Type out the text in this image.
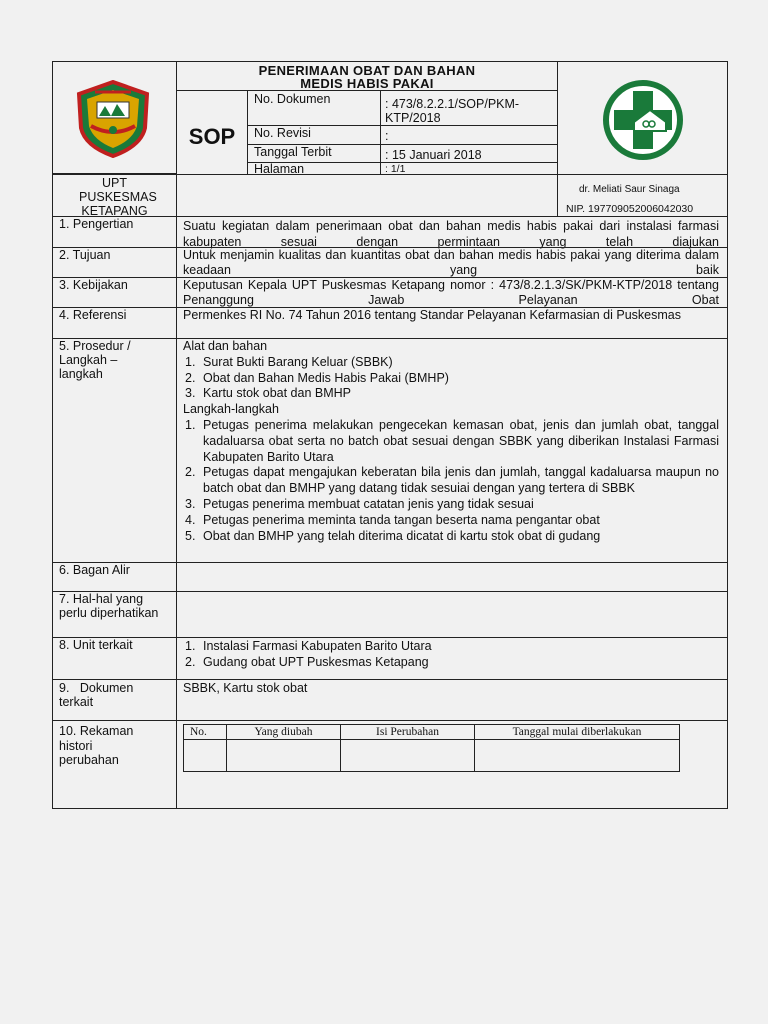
PENERIMAAN OBAT DAN BAHAN MEDIS HABIS PAKAI
SOP
No. Dokumen	: 473/8.2.2.1/SOP/PKM-KTP/2018
No. Revisi	:
Tanggal Terbit	: 15 Januari 2018
Halaman	: 1/1
UPT PUSKESMAS KETAPANG
dr. Meliati Saur Sinaga
NIP. 197709052006042030
1. Pengertian	Suatu kegiatan dalam penerimaan obat dan bahan medis habis pakai dari instalasi farmasi kabupaten sesuai dengan permintaan yang telah diajukan
2. Tujuan	Untuk menjamin kualitas dan kuantitas obat dan bahan medis habis pakai yang diterima dalam keadaan yang baik
3. Kebijakan	Keputusan Kepala UPT Puskesmas Ketapang nomor : 473/8.2.1.3/SK/PKM-KTP/2018 tentang Penanggung Jawab Pelayanan Obat
4. Referensi	Permenkes RI No. 74 Tahun 2016 tentang Standar Pelayanan Kefarmasian di Puskesmas
5. Prosedur / Langkah – langkah
Alat dan bahan
1. Surat Bukti Barang Keluar (SBBK)
2. Obat dan Bahan Medis Habis Pakai (BMHP)
3. Kartu stok obat dan BMHP
Langkah-langkah
1. Petugas penerima melakukan pengecekan kemasan obat, jenis dan jumlah obat, tanggal kadaluarsa obat serta no batch obat sesuai dengan SBBK yang diberikan Instalasi Farmasi Kabupaten Barito Utara
2. Petugas dapat mengajukan keberatan bila jenis dan jumlah, tanggal kadaluarsa maupun no batch obat dan BMHP yang datang tidak sesuiai dengan yang tertera di SBBK
3. Petugas penerima membuat catatan jenis yang tidak sesuai
4. Petugas penerima meminta tanda tangan beserta nama pengantar obat
5. Obat dan BMHP yang telah diterima dicatat di kartu stok obat di gudang
6. Bagan Alir
7. Hal-hal yang perlu diperhatikan
8. Unit terkait	1. Instalasi Farmasi Kabupaten Barito Utara
2. Gudang obat UPT Puskesmas Ketapang
9.   Dokumen terkait
SBBK, Kartu stok obat
10. Rekaman histori perubahan
No.	Yang diubah	Isi Perubahan	Tanggal mulai diberlakukan
